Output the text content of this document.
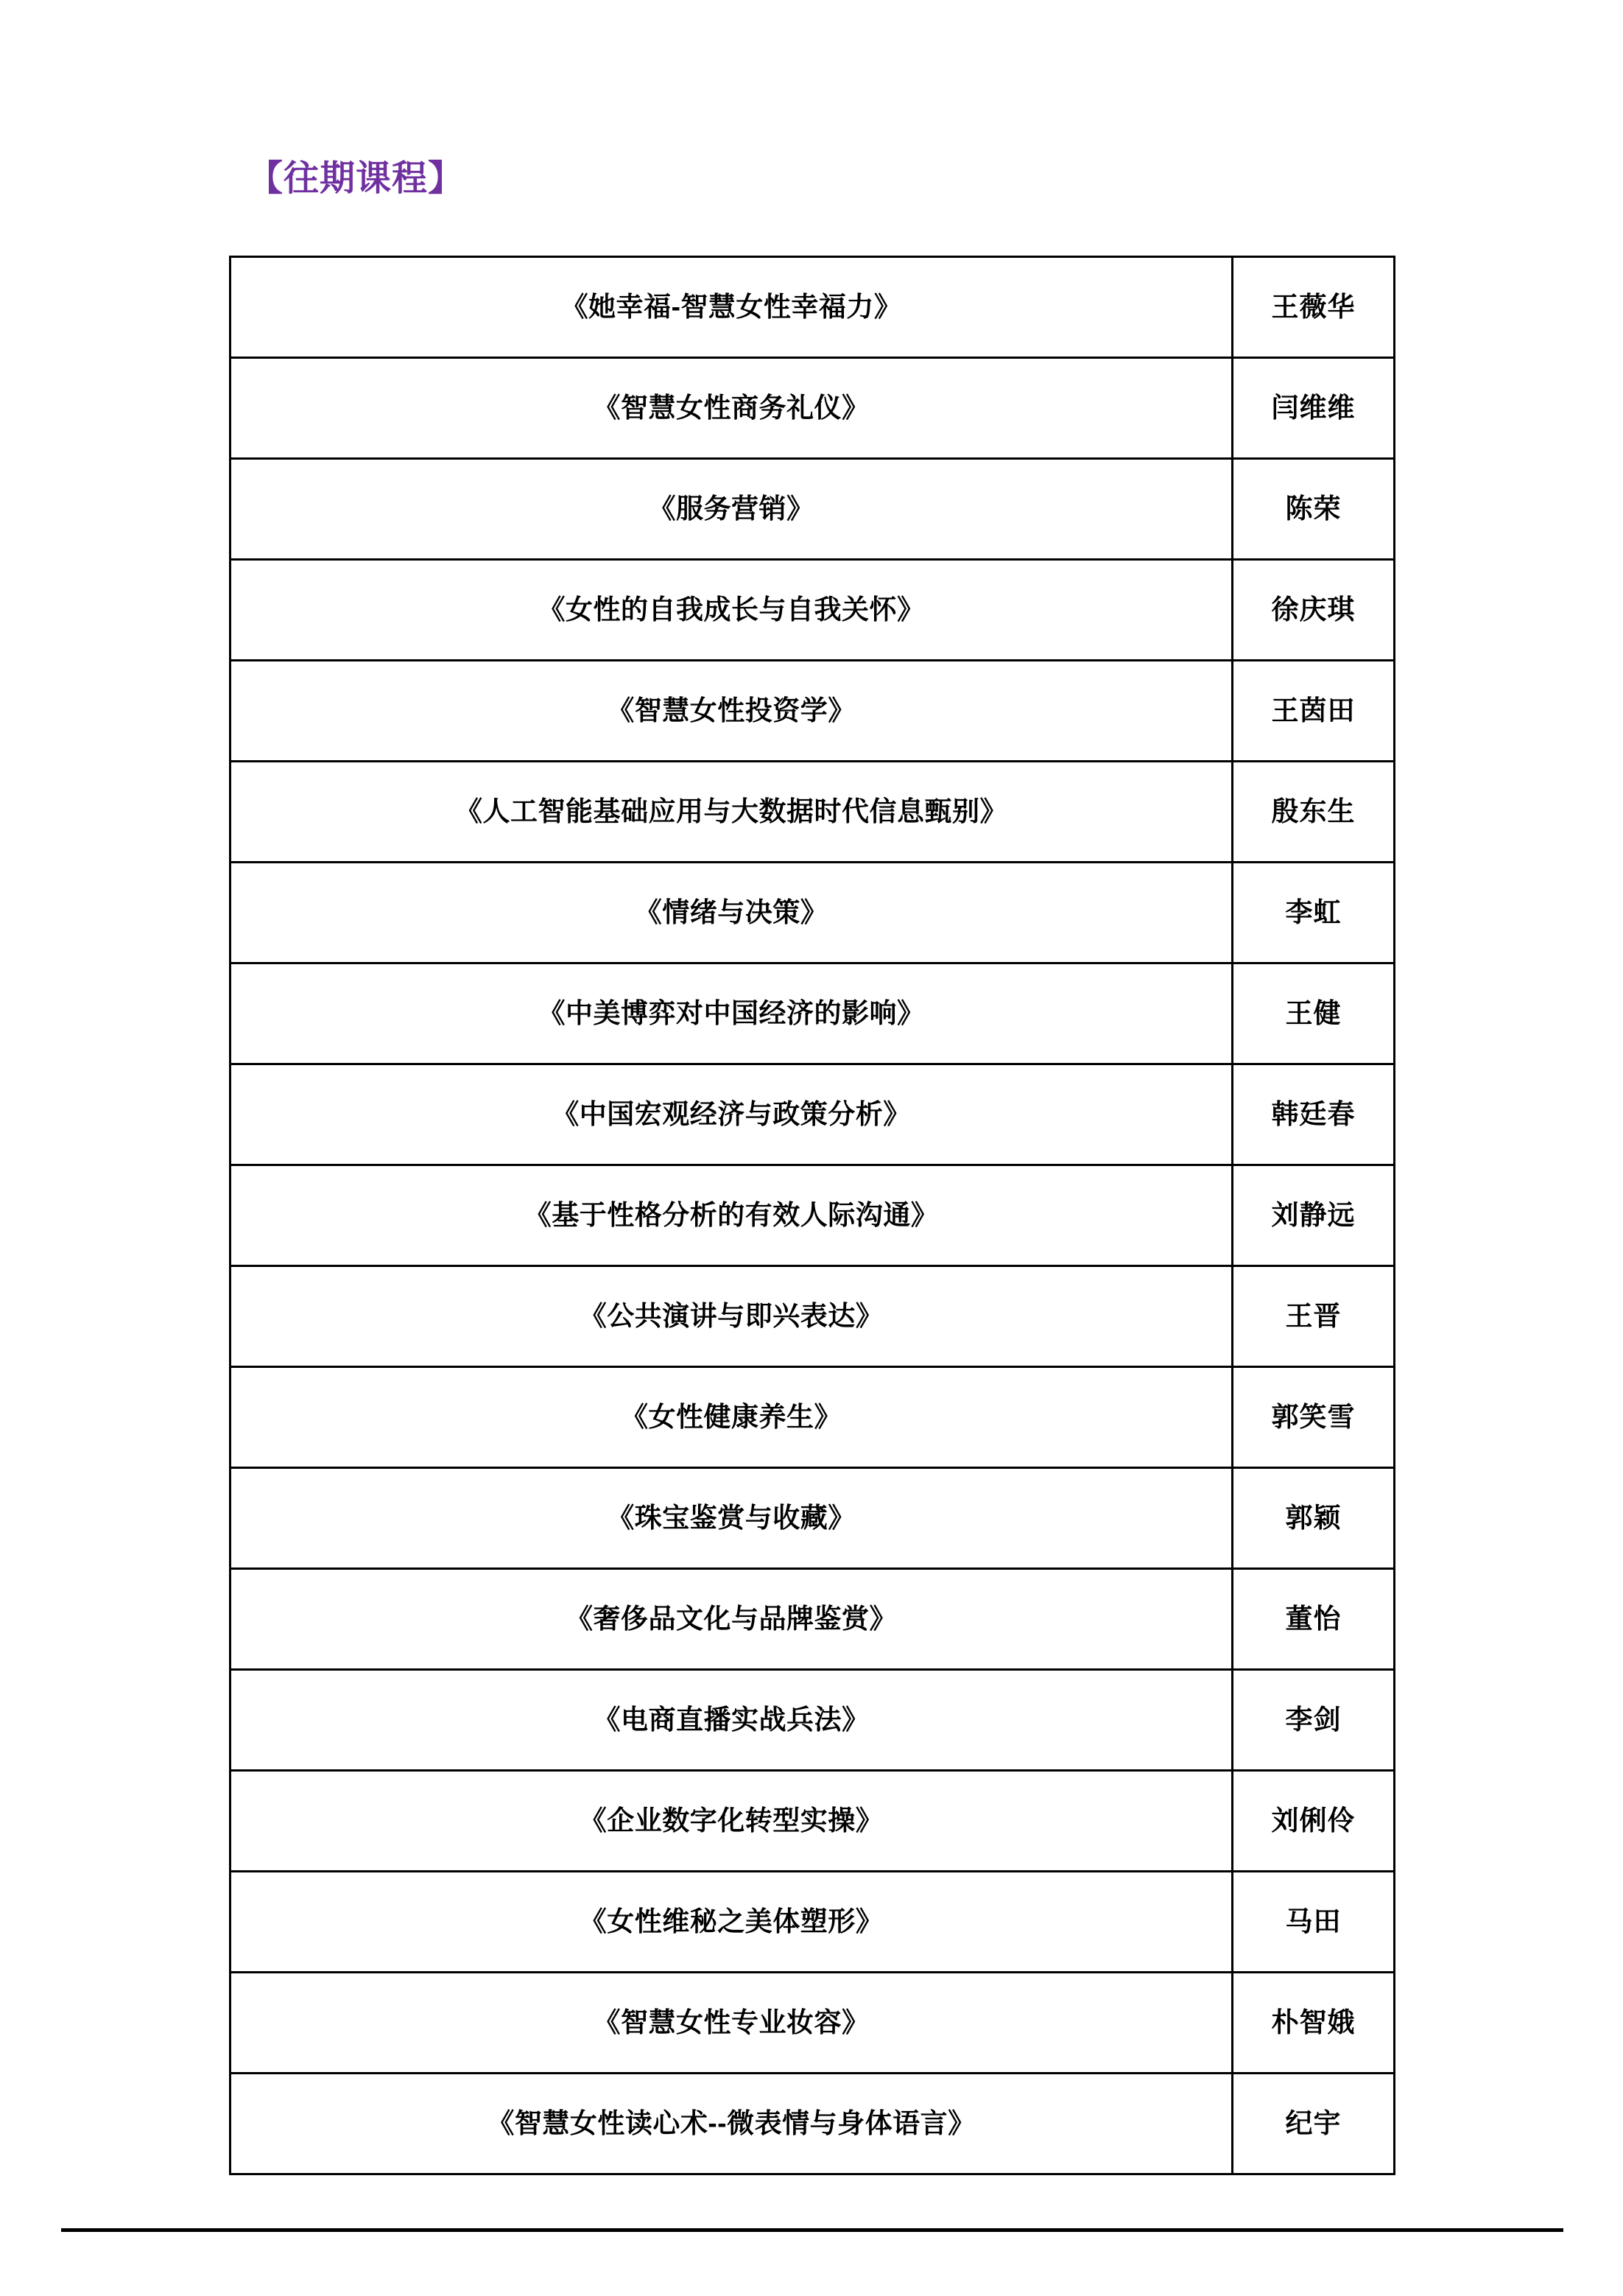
【往期课程】
《她幸福-智慧女性幸福力》	王薇华
《智慧女性商务礼仪》	闫维维
《服务营销》	陈荣
《女性的自我成长与自我关怀》	徐庆琪
《智慧女性投资学》	王茵田
《人工智能基础应用与大数据时代信息甄别》	殷东生
《情绪与决策》	李虹
《中美博弈对中国经济的影响》	王健
《中国宏观经济与政策分析》	韩廷春
《基于性格分析的有效人际沟通》	刘静远
《公共演讲与即兴表达》	王晋
《女性健康养生》	郭笑雪
《珠宝鉴赏与收藏》	郭颖
《奢侈品文化与品牌鉴赏》	董怡
《电商直播实战兵法》	李剑
《企业数字化转型实操》	刘俐伶
《女性维秘之美体塑形》	马田
《智慧女性专业妆容》	朴智娥
《智慧女性读心术--微表情与身体语言》	纪宇
